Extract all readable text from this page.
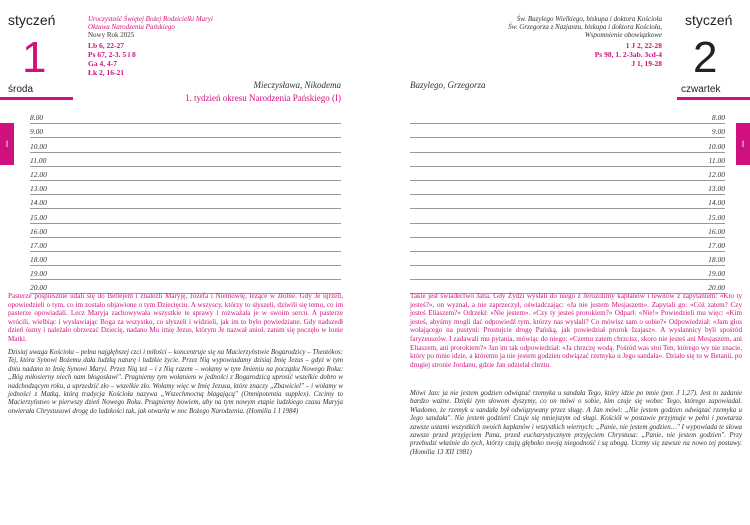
styczeń
1
środa
I
Uroczystość Świętej Bożej Rodzicielki Maryi
Oktawa Narodzenia Pańskiego
Nowy Rok 2025
Lb 6, 22-27
Ps 67, 2-3. 5 i 8
Ga 4, 4-7
Łk 2, 16-21
Mieczysława, Nikodema
1. tydzień okresu Narodzenia Pańskiego (I)
8.00
9.00
10.00
11.00
12.00
13.00
14.00
15.00
16.00
17.00
18.00
19.00
20.00
Pasterze pospiesznie udali się do Betlejem i znaleźli Maryję, Józefa i Niemowlę, leżące w żłobie. Gdy Je ujrzeli, opowiedzieli o tym, co im zostało objawione o tym Dziecięciu. A wszyscy, którzy to słyszeli, dziwili się temu, co im pasterze opowiadali. Lecz Maryja zachowywała wszystkie te sprawy i rozważała je w swoim sercu. A pasterze wrócili, wielbiąc i wysławiając Boga za wszystko, co słyszeli i widzieli, jak im to było powiedziane. Gdy nadszedł dzień ósmy i należało obrzezać Dziecię, nadano Mu imię Jezus, którym Je nazwał anioł, zanim się poczęło w łonie Matki.
Dzisiaj uwaga Kościoła – pełna najgłębszej czci i miłości – koncentruje się na Macierzyństwie Bogarodzicy – Theotókos: Tej, która Synowi Bożemu dała ludzką naturę i ludzkie życie. Przez Nią wypowiadamy dzisiaj Imię Jezus – gdyż w tym dniu nadano to Imię Synowi Maryi. Przez Nią też – i z Nią razem – wołamy w tym Imieniu na początku Nowego Roku: „Bóg miłosierny niech nam błogosławi". Pragniemy tym wołaniem w jedności z Bogarodzicą uprosić wszelkie dobro w nadchodzącym roku, a uprzedzić zło – wszelkie zło. Wołamy więc w Imię Jezusa, które znaczy „Zbawiciel" – i wołamy w jedności z Matką, którą tradycja Kościoła nazywa „Wszechmocną błagającą" (Omnipotentia supplex). Czcimy to Macierzyństwo w pierwszy dzień Nowego Roku. Pragniemy bowiem, aby na tym nowym etapie ludzkiego czasu Maryja otwierała Chrystusowi drogę do ludzkości tak, jak otwarła w noc Bożego Narodzenia. (Homilia 1 I 1984)
styczeń
2
czwartek
I
Św. Bazylego Wielkiego, biskupa i doktora Kościoła
Św. Grzegorza z Nazjanzu, biskupa i doktora Kościoła,
Wspomnienie obowiązkowe
1 J 2, 22-28
Ps 98, 1. 2-3ab. 3cd-4
J 1, 19-28
Bazylego, Grzegorza
8.00
9.00
10.00
11.00
12.00
13.00
14.00
15.00
16.00
17.00
18.00
19.00
20.00
Takie jest świadectwo Jana. Gdy Żydzi wysłali do niego z Jerozolimy kapłanów i lewitów z zapytaniem: «Kto ty jesteś?», on wyznał, a nie zaprzeczył, oświadczając: «Ja nie jestem Mesjaszem». Zapytali go: «Cóż zatem? Czy jesteś Eliaszem?» Odrzekł: «Nie jestem». «Czy ty jesteś prorokiem?» Odparł: «Nie!» Powiedzieli mu więc: «Kim jesteś, abyśmy mogli dać odpowiedź tym, którzy nas wysłali? Co mówisz sam o sobie?» Odpowiedział: «Jam głos wołającego na pustyni: Prostujcie drogę Pańską, jak powiedział prorok Izajasz». A wysłannicy byli spośród faryzeuszów. I zadawali mu pytania, mówiąc do niego: «Czemu zatem chrzcisz, skoro nie jesteś ani Mesjaszem, ani Eliaszem, ani prorokiem?» Jan im tak odpowiedział: «Ja chrzczę wodą. Pośród was stoi Ten, którego wy nie znacie, który po mnie idzie, a któremu ja nie jestem godzien odwiązać rzemyka u Jego sandała». Działo się to w Betanii, po drugiej stronie Jordanu, gdzie Jan udzielał chrztu.
Mówi Jan: ja nie jestem godzien odwiązać rzemyka u sandała Tego, który idzie po mnie (por. J 1,27). Jest to zadanie bardzo ważne. Dzięki tym słowom dyszymy, co on mówi o sobie, kim czuje się wobec Tego, którego zapowiadał. Wiadomo, że rzemyk u sandała był odwiązywany przez sługę. A Jan mówi: „Nie jestem godzien odwiązać rzemyka u Jego sandała". Nie jestem godzien! Czuje się mniejszym od sługi. Kościół w postawie przyjmuje w pełni i powtarza zawsze ustami wszystkich swoich kapłanów i wszystkich wiernych: „Panie, nie jestem godzien…" I wypowiada te słowa zawsze przed przyjęciem Pana, przed eucharystycznym przyjęciem Chrystusa: „Panie, nie jestem godzien". Przy przebudzi właśnie do tych, którzy czują głęboko swoją niegodność i są ubogą. Uczmy się zawsze na nowo tej postawy. (Homilia 13 XII 1981)
